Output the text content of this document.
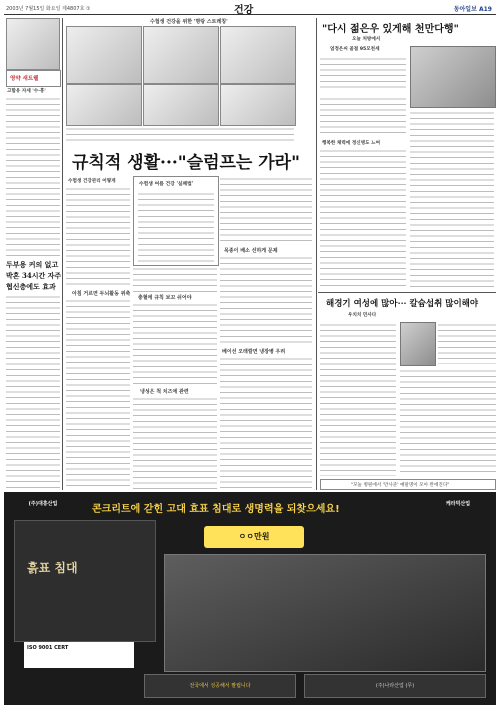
2003년 7월15일 화요일 제4807호 ①	건강	동아일보 A19
영약 새트웰
고함유 자세 '수·흥'
두부용 커의 없고
박혼 34시간 자주
협신층에도 효과
수험생 건강을 위한 '명랑 스트레칭'
규칙적 생활···"슬럼프는 가라"
수험생 건강관리 어떻게
아침 거르면 두뇌활동 위축
수험생 여름 건강 '실패법'
충혈에 규칙 보꼬 쉬어야
냉성은 척 치즈에 관련
목종이 배소 선하게 문제
베이선 오래깔면 냉장병 우려
"다시 젊은우 있게해 천만다행"
오늘 처방에서
엄정은씨 골절 95모천세
행복한 체력에 정신병도 느여
해경기 여성에 많아··· 칼슘섭취 많이해야
우치치 민사다
"모놀 병원에서 '만사준' 얘말명이 모아 완에진다"
(주)대흥산업	케라믹산업
콘크리트에 갇힌 고대 효표 침대로 생명력을 되찾으세요!
흙표 침대
ISO 9001 CERT
ㅇㅇ만원
전국에서 성공해서 팔립니다	(주)나라산업 (무)
